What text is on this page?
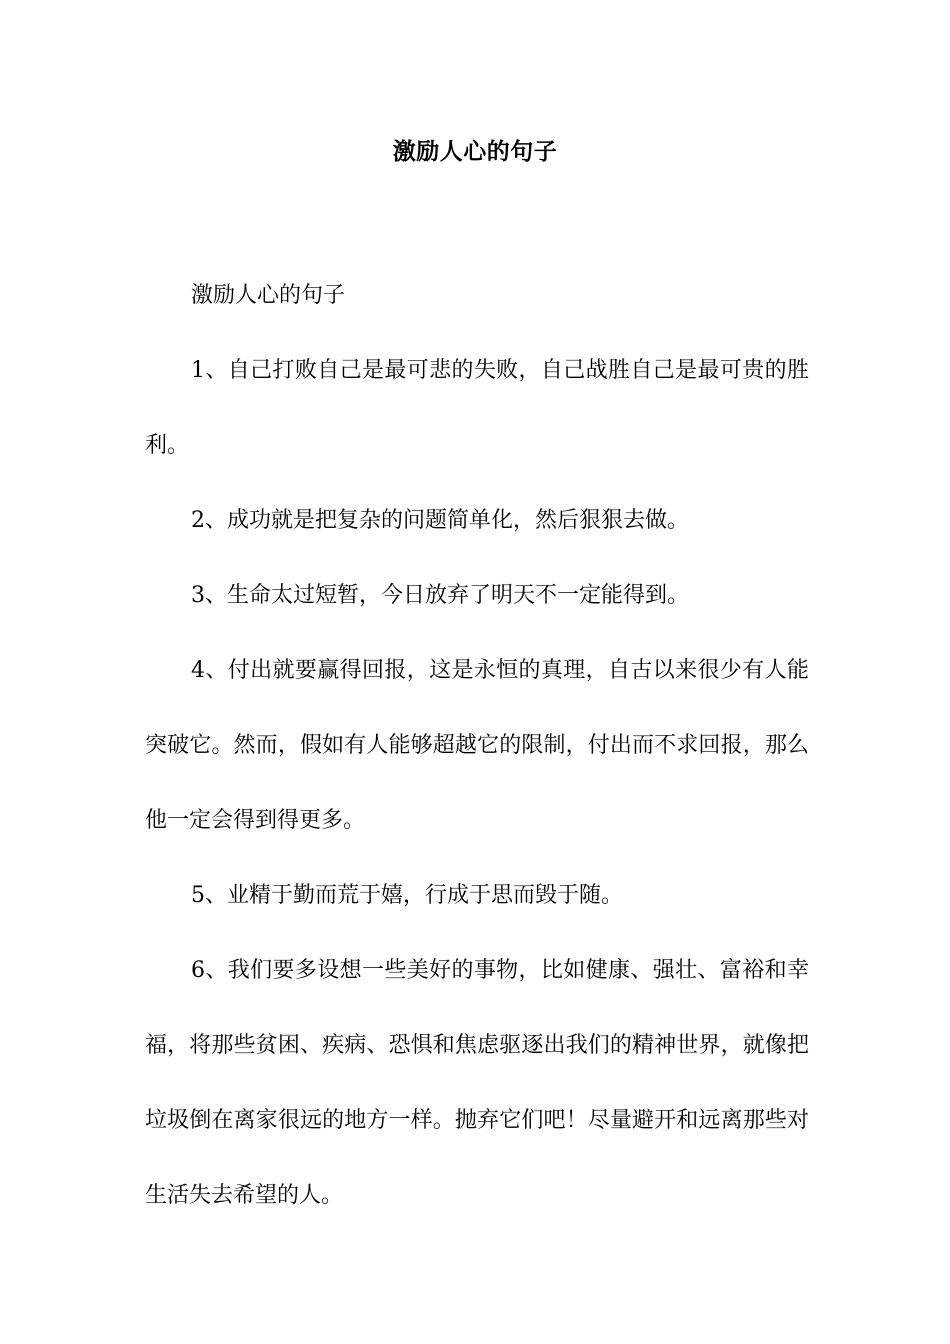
激励人心的句子

激励人心的句子

1、自己打败自己是最可悲的失败，自己战胜自己是最可贵的胜利。

2、成功就是把复杂的问题简单化，然后狠狠去做。

3、生命太过短暂，今日放弃了明天不一定能得到。

4、付出就要赢得回报，这是永恒的真理，自古以来很少有人能突破它。然而，假如有人能够超越它的限制，付出而不求回报，那么他一定会得到得更多。

5、业精于勤而荒于嬉，行成于思而毁于随。

6、我们要多设想一些美好的事物，比如健康、强壮、富裕和幸福，将那些贫困、疾病、恐惧和焦虑驱逐出我们的精神世界，就像把垃圾倒在离家很远的地方一样。抛弃它们吧！尽量避开和远离那些对生活失去希望的人。
